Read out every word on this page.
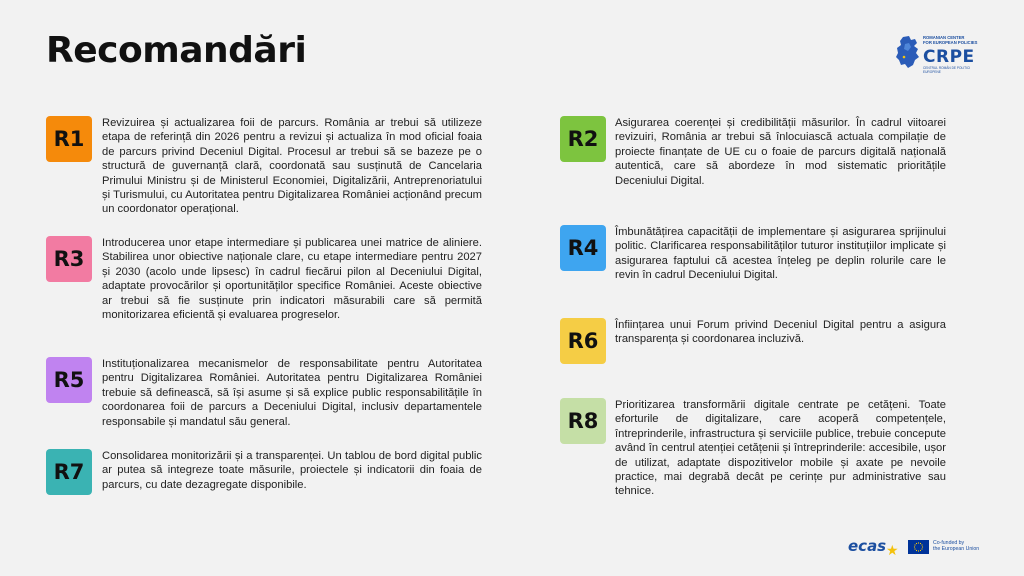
Recomandări	ROMANIAN CENTER
FOR EUROPEAN POLICIES
CRPE
CENTRUL ROMÂN DE POLITICI EUROPENE
R1
Revizuirea și actualizarea foii de parcurs. România ar trebui să utilizeze etapa de referință din 2026 pentru a revizui și actualiza în mod oficial foaia de parcurs privind Deceniul Digital. Procesul ar trebui să se bazeze pe o structură de guvernanță clară, coordonată sau susținută de Cancelaria Primului Ministru și de Ministerul Economiei, Digitalizării, Antreprenoriatului și Turismului, cu Autoritatea pentru Digitalizarea României acționând precum un coordonator operațional.
R3
Introducerea unor etape intermediare și publicarea unei matrice de aliniere. Stabilirea unor obiective naționale clare, cu etape intermediare pentru 2027 și 2030 (acolo unde lipsesc) în cadrul fiecărui pilon al Deceniului Digital, adaptate provocărilor și oportunităților specifice României. Aceste obiective ar trebui să fie susținute prin indicatori măsurabili care să permită monitorizarea eficientă și evaluarea progreselor.
R5
Instituționalizarea mecanismelor de responsabilitate pentru Autoritatea pentru Digitalizarea României. Autoritatea pentru Digitalizarea României trebuie să definească, să își asume și să explice public responsabilitățile în coordonarea foii de parcurs a Deceniului Digital, inclusiv departamentele responsabile și mandatul său general.
R7
Consolidarea monitorizării și a transparenței. Un tablou de bord digital public ar putea să integreze toate măsurile, proiectele și indicatorii din foaia de parcurs, cu date dezagregate disponibile.
R2
Asigurarea coerenței și credibilității măsurilor. În cadrul viitoarei revizuiri, România ar trebui să înlocuiască actuala compilație de proiecte finanțate de UE cu o foaie de parcurs digitală națională autentică, care să abordeze în mod sistematic prioritățile Deceniului Digital.
R4
Îmbunătățirea capacității de implementare și asigurarea sprijinului politic. Clarificarea responsabilităților tuturor instituțiilor implicate și asigurarea faptului că acestea înțeleg pe deplin rolurile care le revin în cadrul Deceniului Digital.
R6
Înființarea unui Forum privind Deceniul Digital pentru a asigura transparența și coordonarea incluzivă.
R8
Prioritizarea transformării digitale centrate pe cetățeni. Toate eforturile de digitalizare, care acoperă competențele, întreprinderile, infrastructura și serviciile publice, trebuie concepute având în centrul atenției cetățenii și întreprinderile: accesibile, ușor de utilizat, adaptate dispozitivelor mobile și axate pe nevoile practice, mai degrabă decât pe cerințe pur administrative sau tehnice.
ecas ★	Co-funded by
the European Union
